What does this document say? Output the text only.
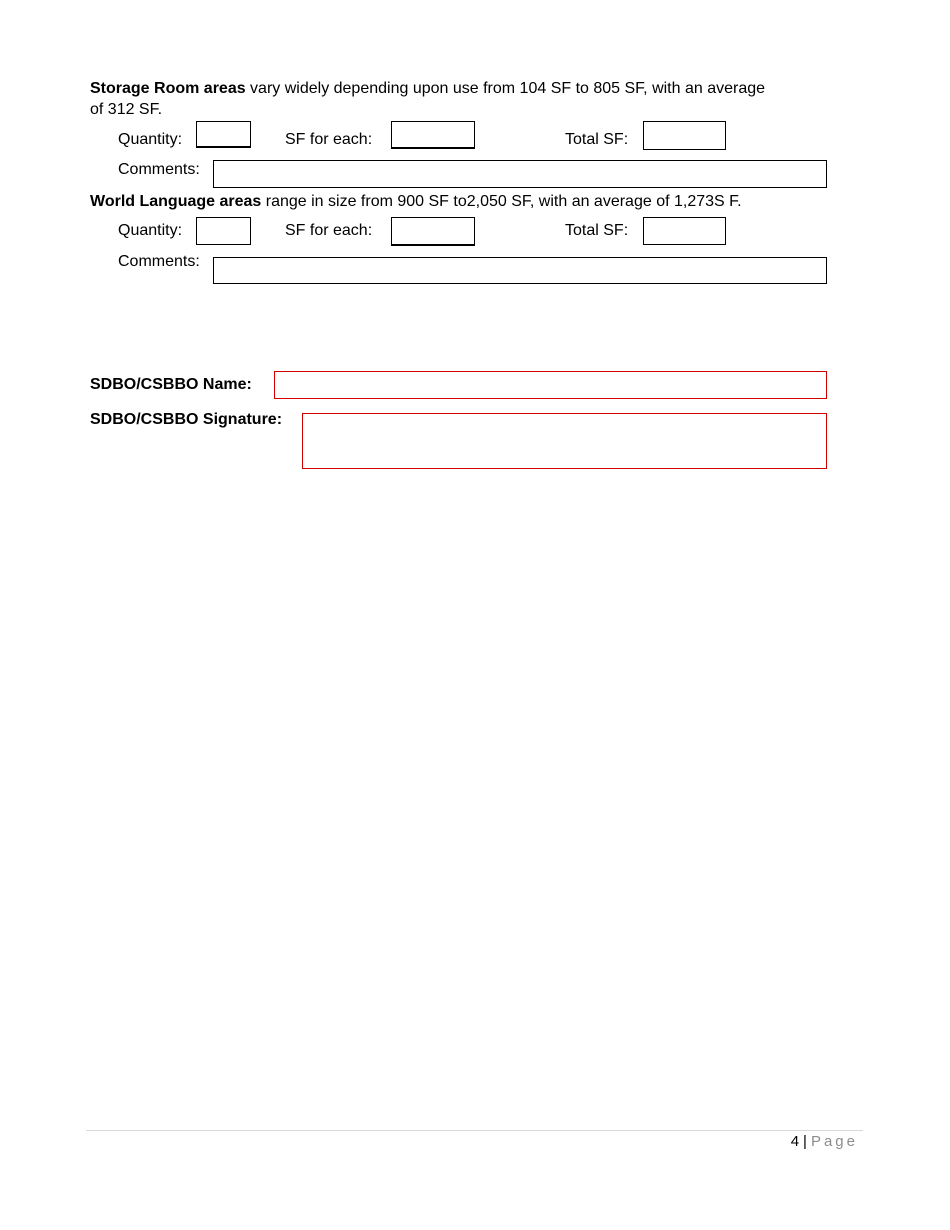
Storage Room areas vary widely depending upon use from 104 SF to 805 SF, with an average
of 312 SF.
Quantity:	SF for each:	Total SF:
Comments:
World Language areas range in size from 900 SF to2,050 SF, with an average of 1,273S F.
Quantity:	SF for each:	Total SF:
Comments:
SDBO/CSBBO Name:
SDBO/CSBBO Signature:
4 | Page
